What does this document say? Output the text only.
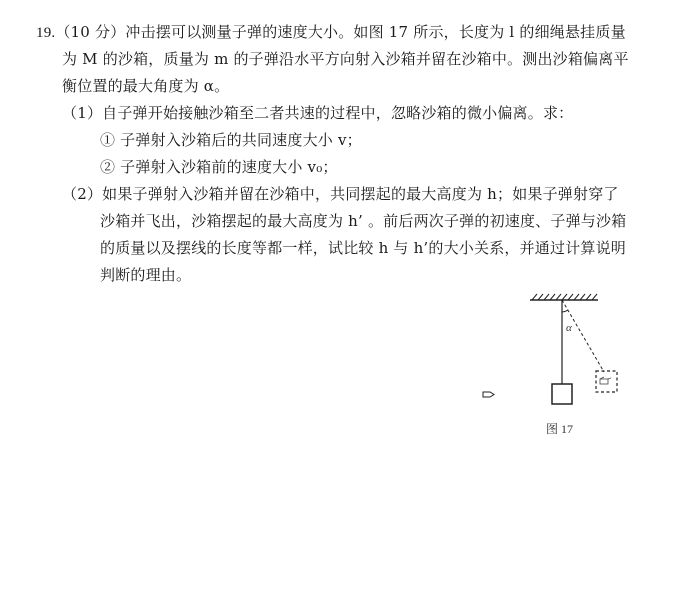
19.（10 分）冲击摆可以测量子弹的速度大小。如图 17 所示，长度为 l 的细绳悬挂质量
为 M 的沙箱，质量为 m 的子弹沿水平方向射入沙箱并留在沙箱中。测出沙箱偏离平
衡位置的最大角度为 α。
（1）自子弹开始接触沙箱至二者共速的过程中，忽略沙箱的微小偏离。求：
① 子弹射入沙箱后的共同速度大小 v；
② 子弹射入沙箱前的速度大小 v₀；
（2）如果子弹射入沙箱并留在沙箱中，共同摆起的最大高度为 h；如果子弹射穿了
沙箱并飞出，沙箱摆起的最大高度为 h’ 。前后两次子弹的初速度、子弹与沙箱
的质量以及摆线的长度等都一样，试比较 h 与 h’的大小关系，并通过计算说明
判断的理由。
α
图 17
